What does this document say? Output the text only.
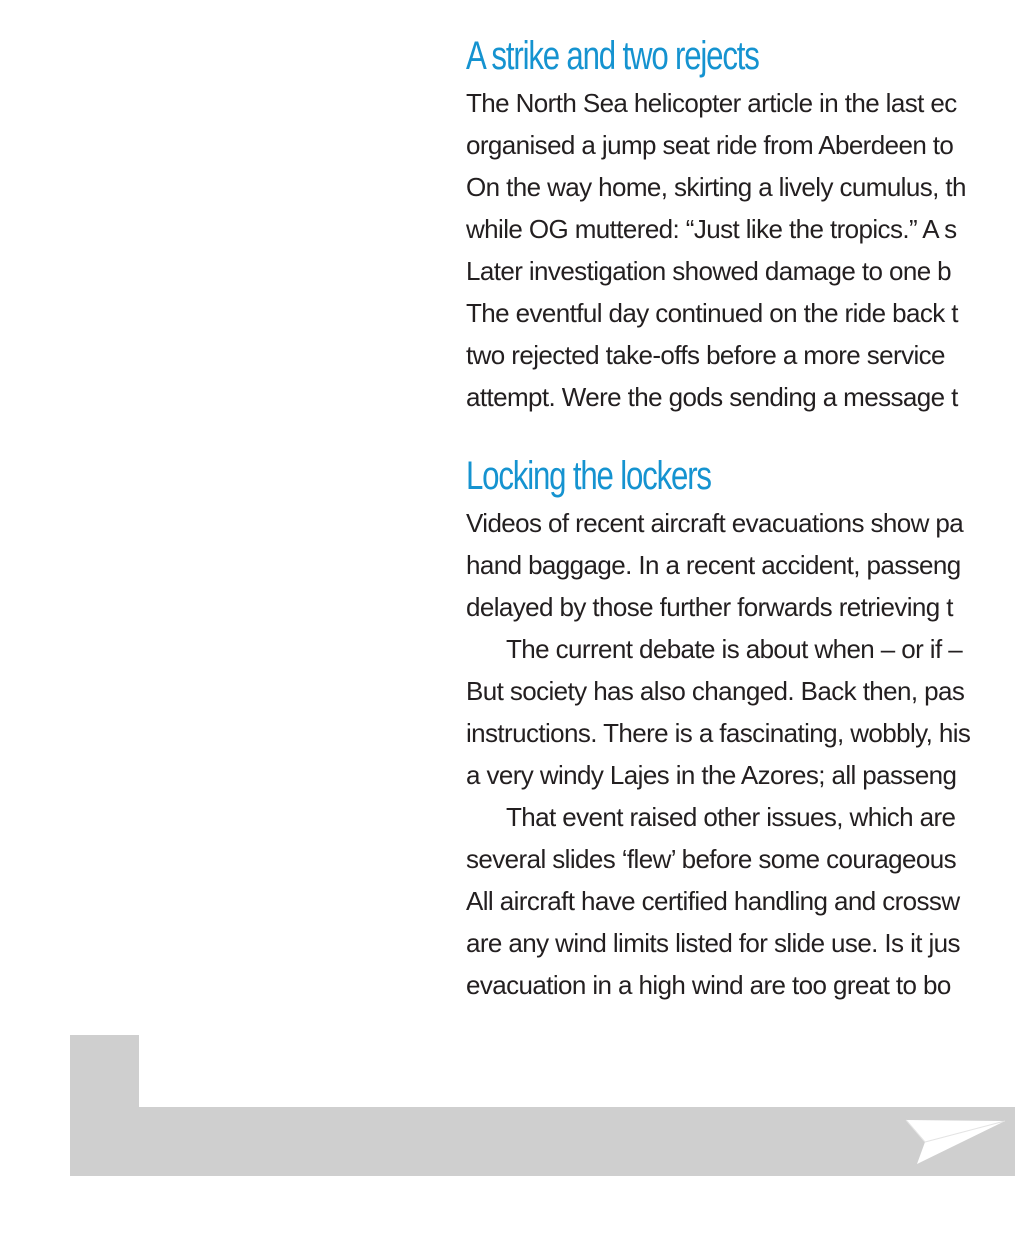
A strike and two rejects
The North Sea helicopter article in the last ec
organised a jump seat ride from Aberdeen to
On the way home, skirting a lively cumulus, th
while OG muttered: “Just like the tropics.” A s
Later investigation showed damage to one b
The eventful day continued on the ride back t
two rejected take-offs before a more service
attempt. Were the gods sending a message t
Locking the lockers
Videos of recent aircraft evacuations show pa
hand baggage. In a recent accident, passeng
delayed by those further forwards retrieving t
The current debate is about when – or if –
But society has also changed. Back then, pas
instructions. There is a fascinating, wobbly, his
a very windy Lajes in the Azores; all passeng
That event raised other issues, which are
several slides ‘flew’ before some courageous
All aircraft have certified handling and crossw
are any wind limits listed for slide use. Is it jus
evacuation in a high wind are too great to bo
